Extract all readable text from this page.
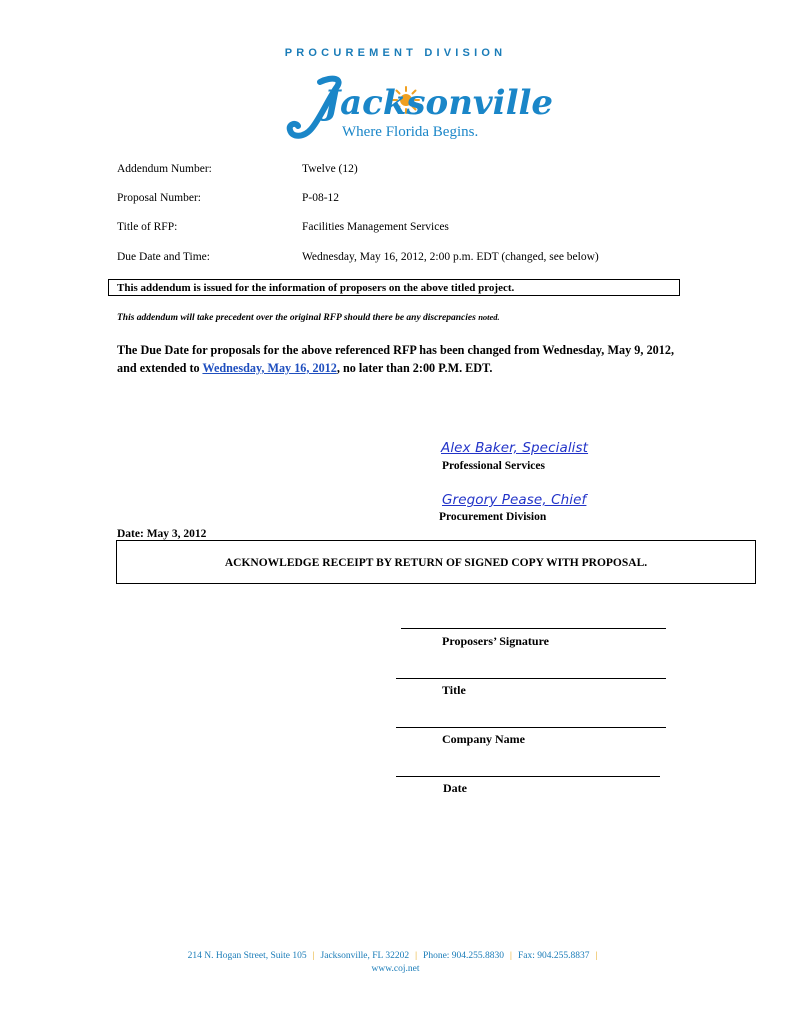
PROCUREMENT DIVISION
Jacksonville
Where Florida Begins.
Addendum Number:	Twelve (12)
Proposal Number:	P-08-12
Title of RFP:	Facilities Management Services
Due Date and Time:	Wednesday, May 16, 2012, 2:00 p.m. EDT (changed, see below)
This addendum is issued for the information of proposers on the above titled project.
This addendum will take precedent over the original RFP should there be any discrepancies noted.
The Due Date for proposals for the above referenced RFP has been changed from Wednesday, May 9, 2012, and extended to Wednesday, May 16, 2012, no later than 2:00 P.M. EDT.
Alex Baker, Specialist
Professional Services
Gregory Pease, Chief
Procurement Division
Date: May 3, 2012
ACKNOWLEDGE RECEIPT BY RETURN OF SIGNED COPY WITH PROPOSAL.
Proposers’ Signature
Title
Company Name
Date
214 N. Hogan Street, Suite 105 | Jacksonville, FL 32202 | Phone: 904.255.8830 | Fax: 904.255.8837 |
www.coj.net
